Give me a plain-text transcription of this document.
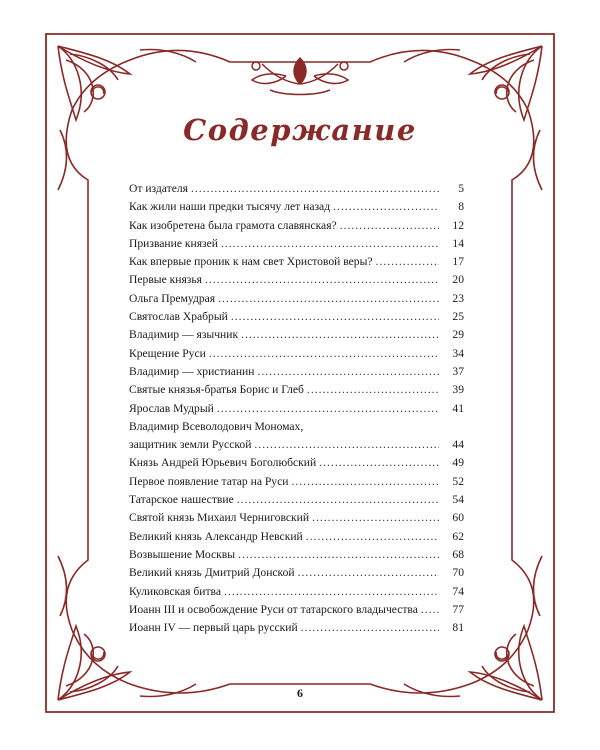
Содержание
От издателя .....	5
Как жили наши предки тысячу лет назад .....	8
Как изобретена была грамота славянская? .....	12
Призвание князей .....	14
Как впервые проник к нам свет Христовой веры? .....	17
Первые князья .....	20
Ольга Премудрая .....	23
Святослав Храбрый .....	25
Владимир — язычник .....	29
Крещение Руси .....	34
Владимир — христианин .....	37
Святые князья-братья Борис и Глеб .....	39
Ярослав Мудрый .....	41
Владимир Всеволодович Мономах,
защитник земли Русской .....	44
Князь Андрей Юрьевич Боголюбский .....	49
Первое появление татар на Руси .....	52
Татарское нашествие .....	54
Святой князь Михаил Черниговский .....	60
Великий князь Александр Невский .....	62
Возвышение Москвы .....	68
Великий князь Дмитрий Донской .....	70
Куликовская битва .....	74
Иоанн III и освобождение Руси от татарского владычества .....	77
Иоанн IV — первый царь русский .....	81
6
